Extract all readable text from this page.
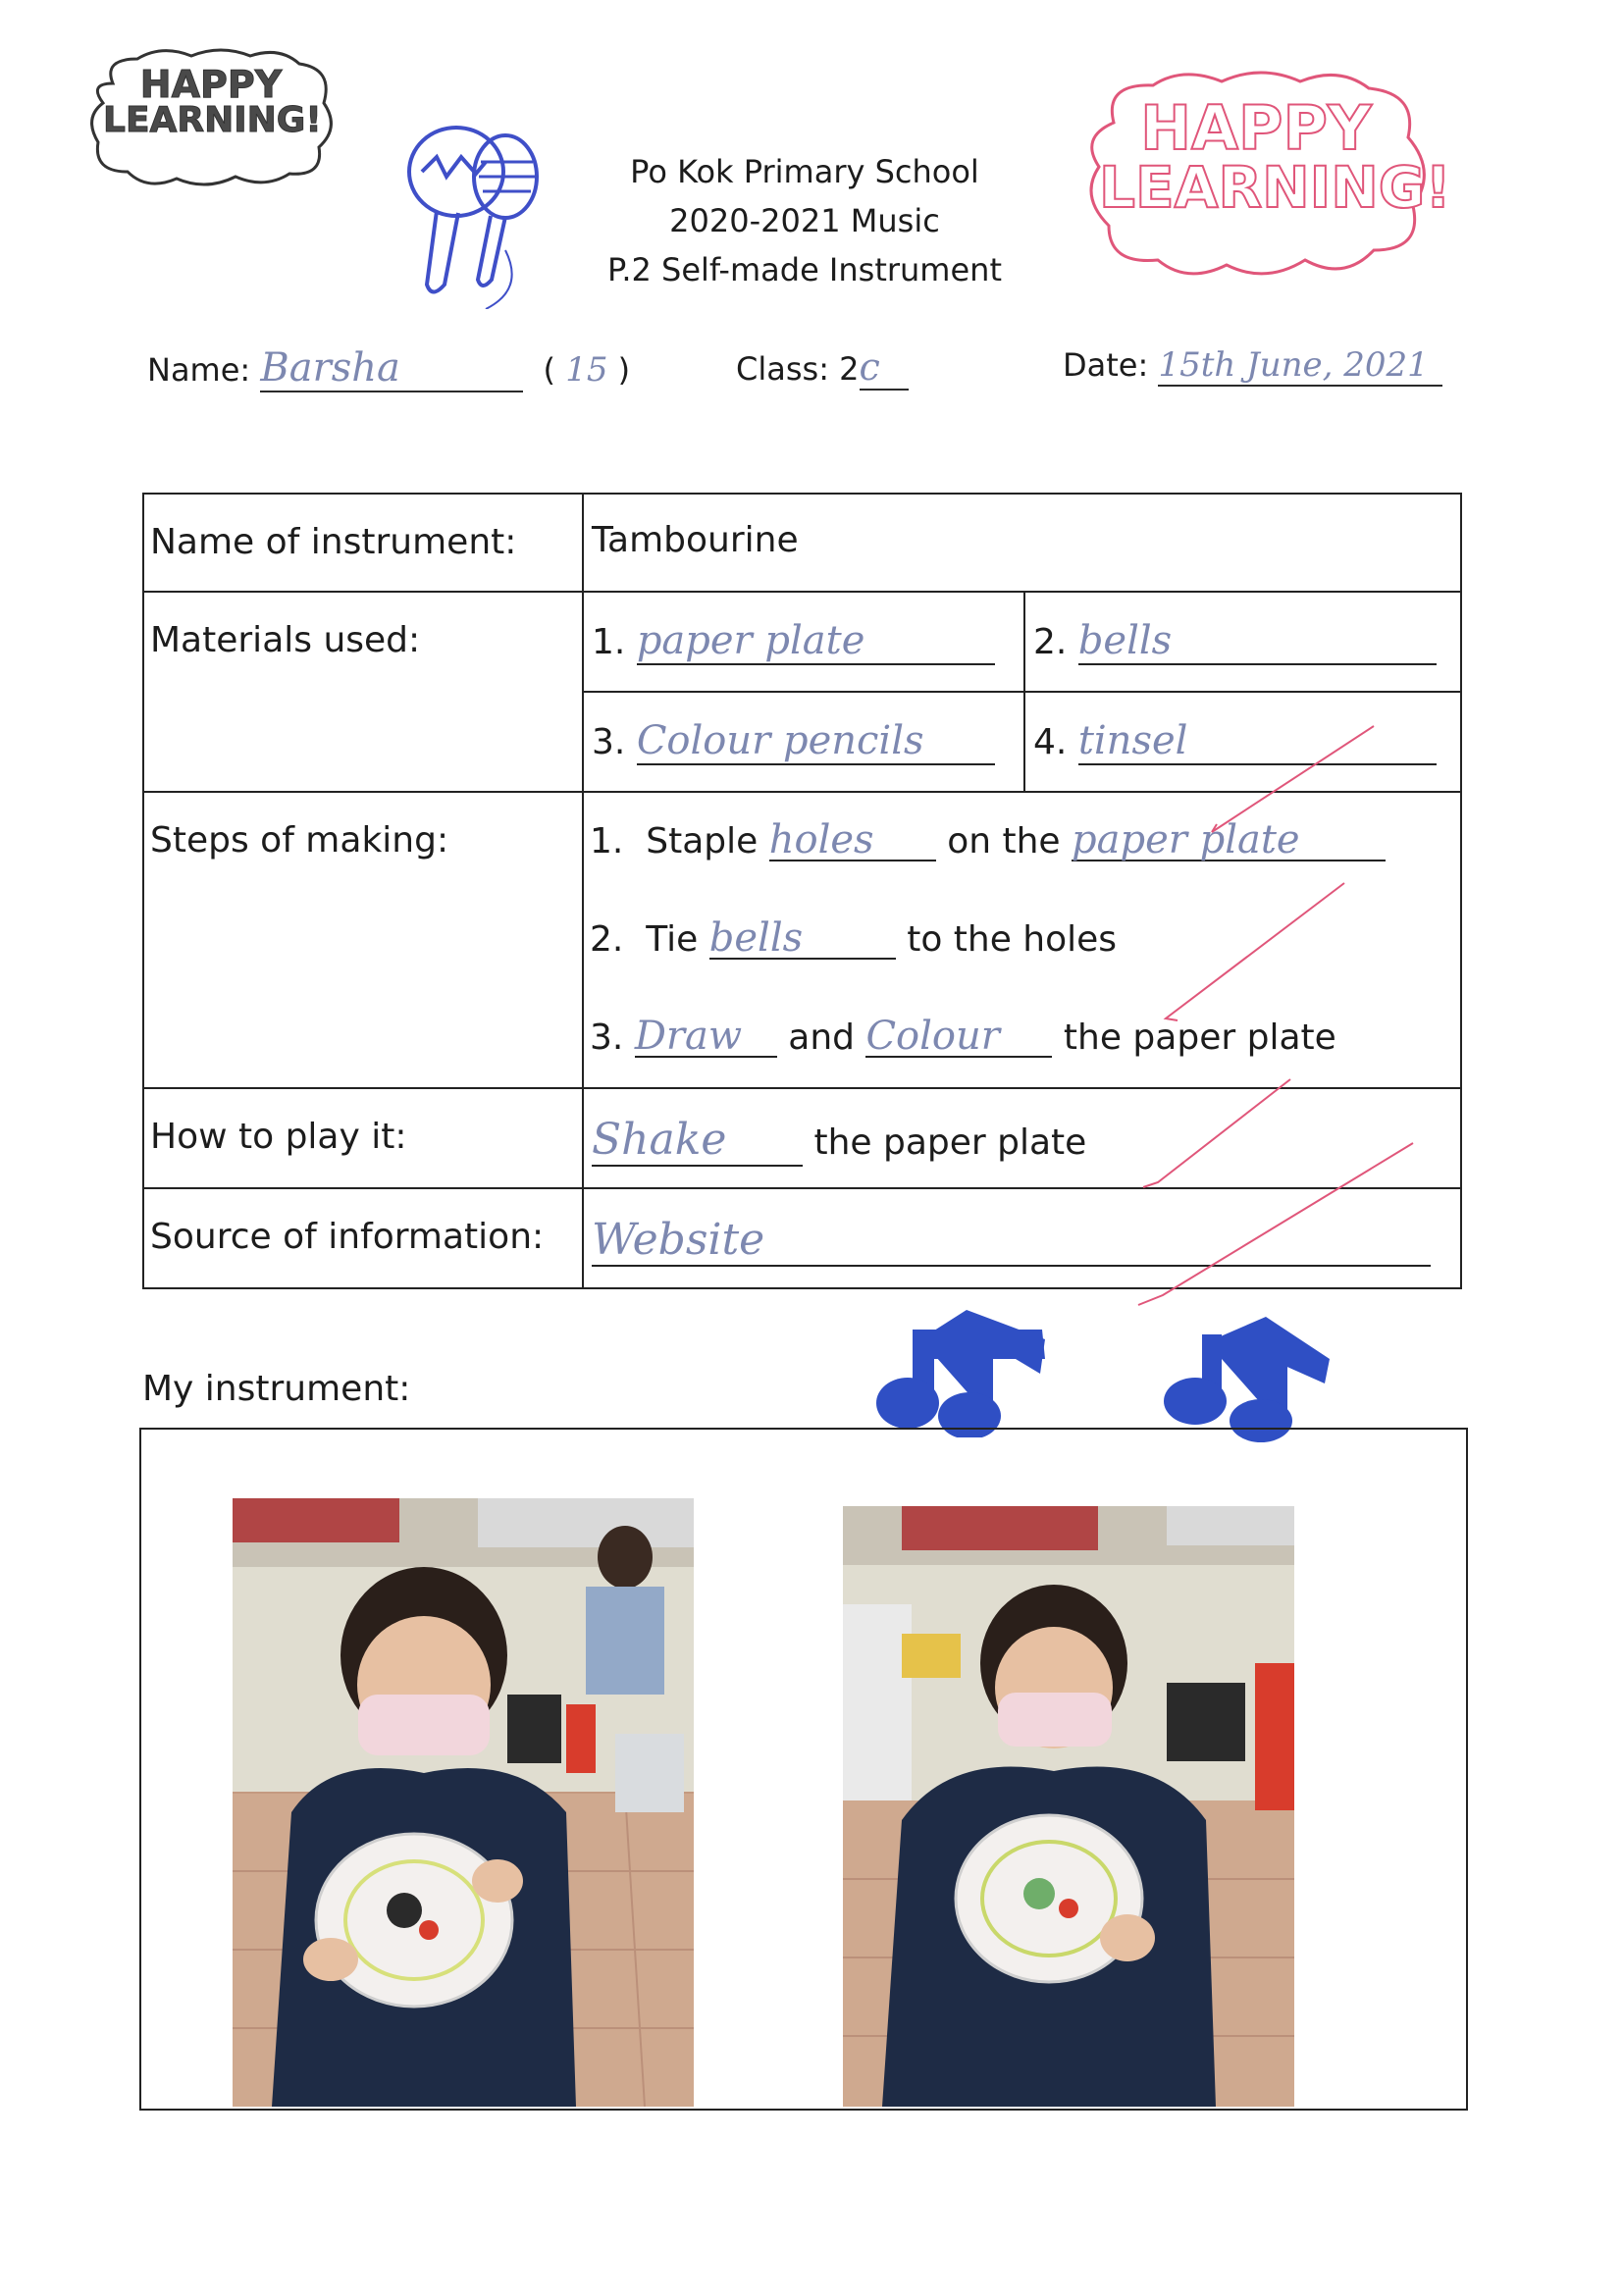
HAPPY
LEARNING!
Po Kok Primary School
2020-2021 Music
P.2 Self-made Instrument
HAPPY
LEARNING!
Name: Barsha	( 15 )	Class: 2c	Date: 15th June, 2021
Name of instrument:	Tambourine	
Materials used:	1. paper plate	2. bells
	3. Colour pencils	4. tinsel
Steps of making:	1. Staple holes on the paper plate
2. Tie bells to the holes
3. Draw and Colour the paper plate	

How to play it:	Shake the paper plate	
Source of information:	Website	
My instrument:
